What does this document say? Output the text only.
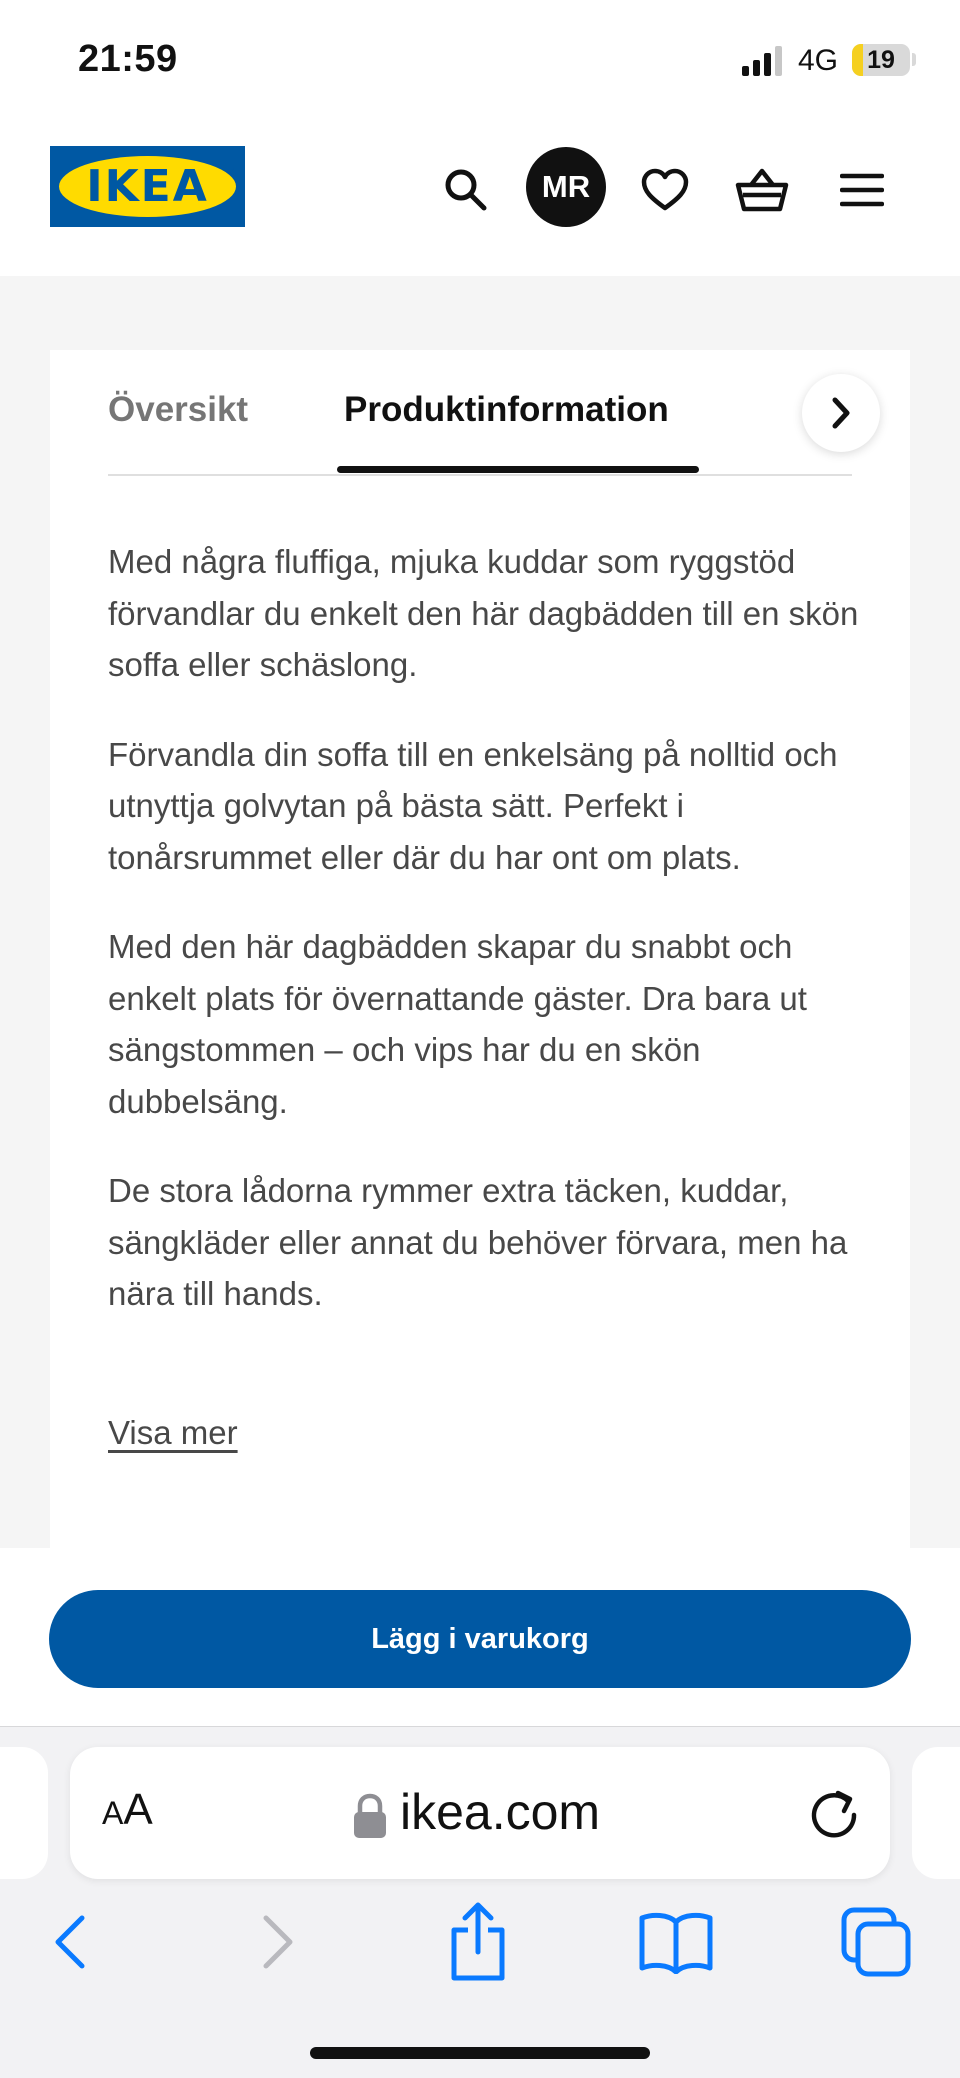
21:59	4G	19
IKEA	®	MR
Översikt	Produktinformation

Med några fluffiga, mjuka kuddar som ryggstöd förvandlar du enkelt den här dagbädden till en skön soffa eller schäslong.

Förvandla din soffa till en enkelsäng på nolltid och utnyttja golvytan på bästa sätt. Perfekt i tonårsrummet eller där du har ont om plats.

Med den här dagbädden skapar du snabbt och enkelt plats för övernattande gäster. Dra bara ut sängstommen – och vips har du en skön dubbelsäng.

De stora lådorna rymmer extra täcken, kuddar, sängkläder eller annat du behöver förvara, men ha nära till hands.

Visa mer
Lägg i varukorg
AA	ikea.com
